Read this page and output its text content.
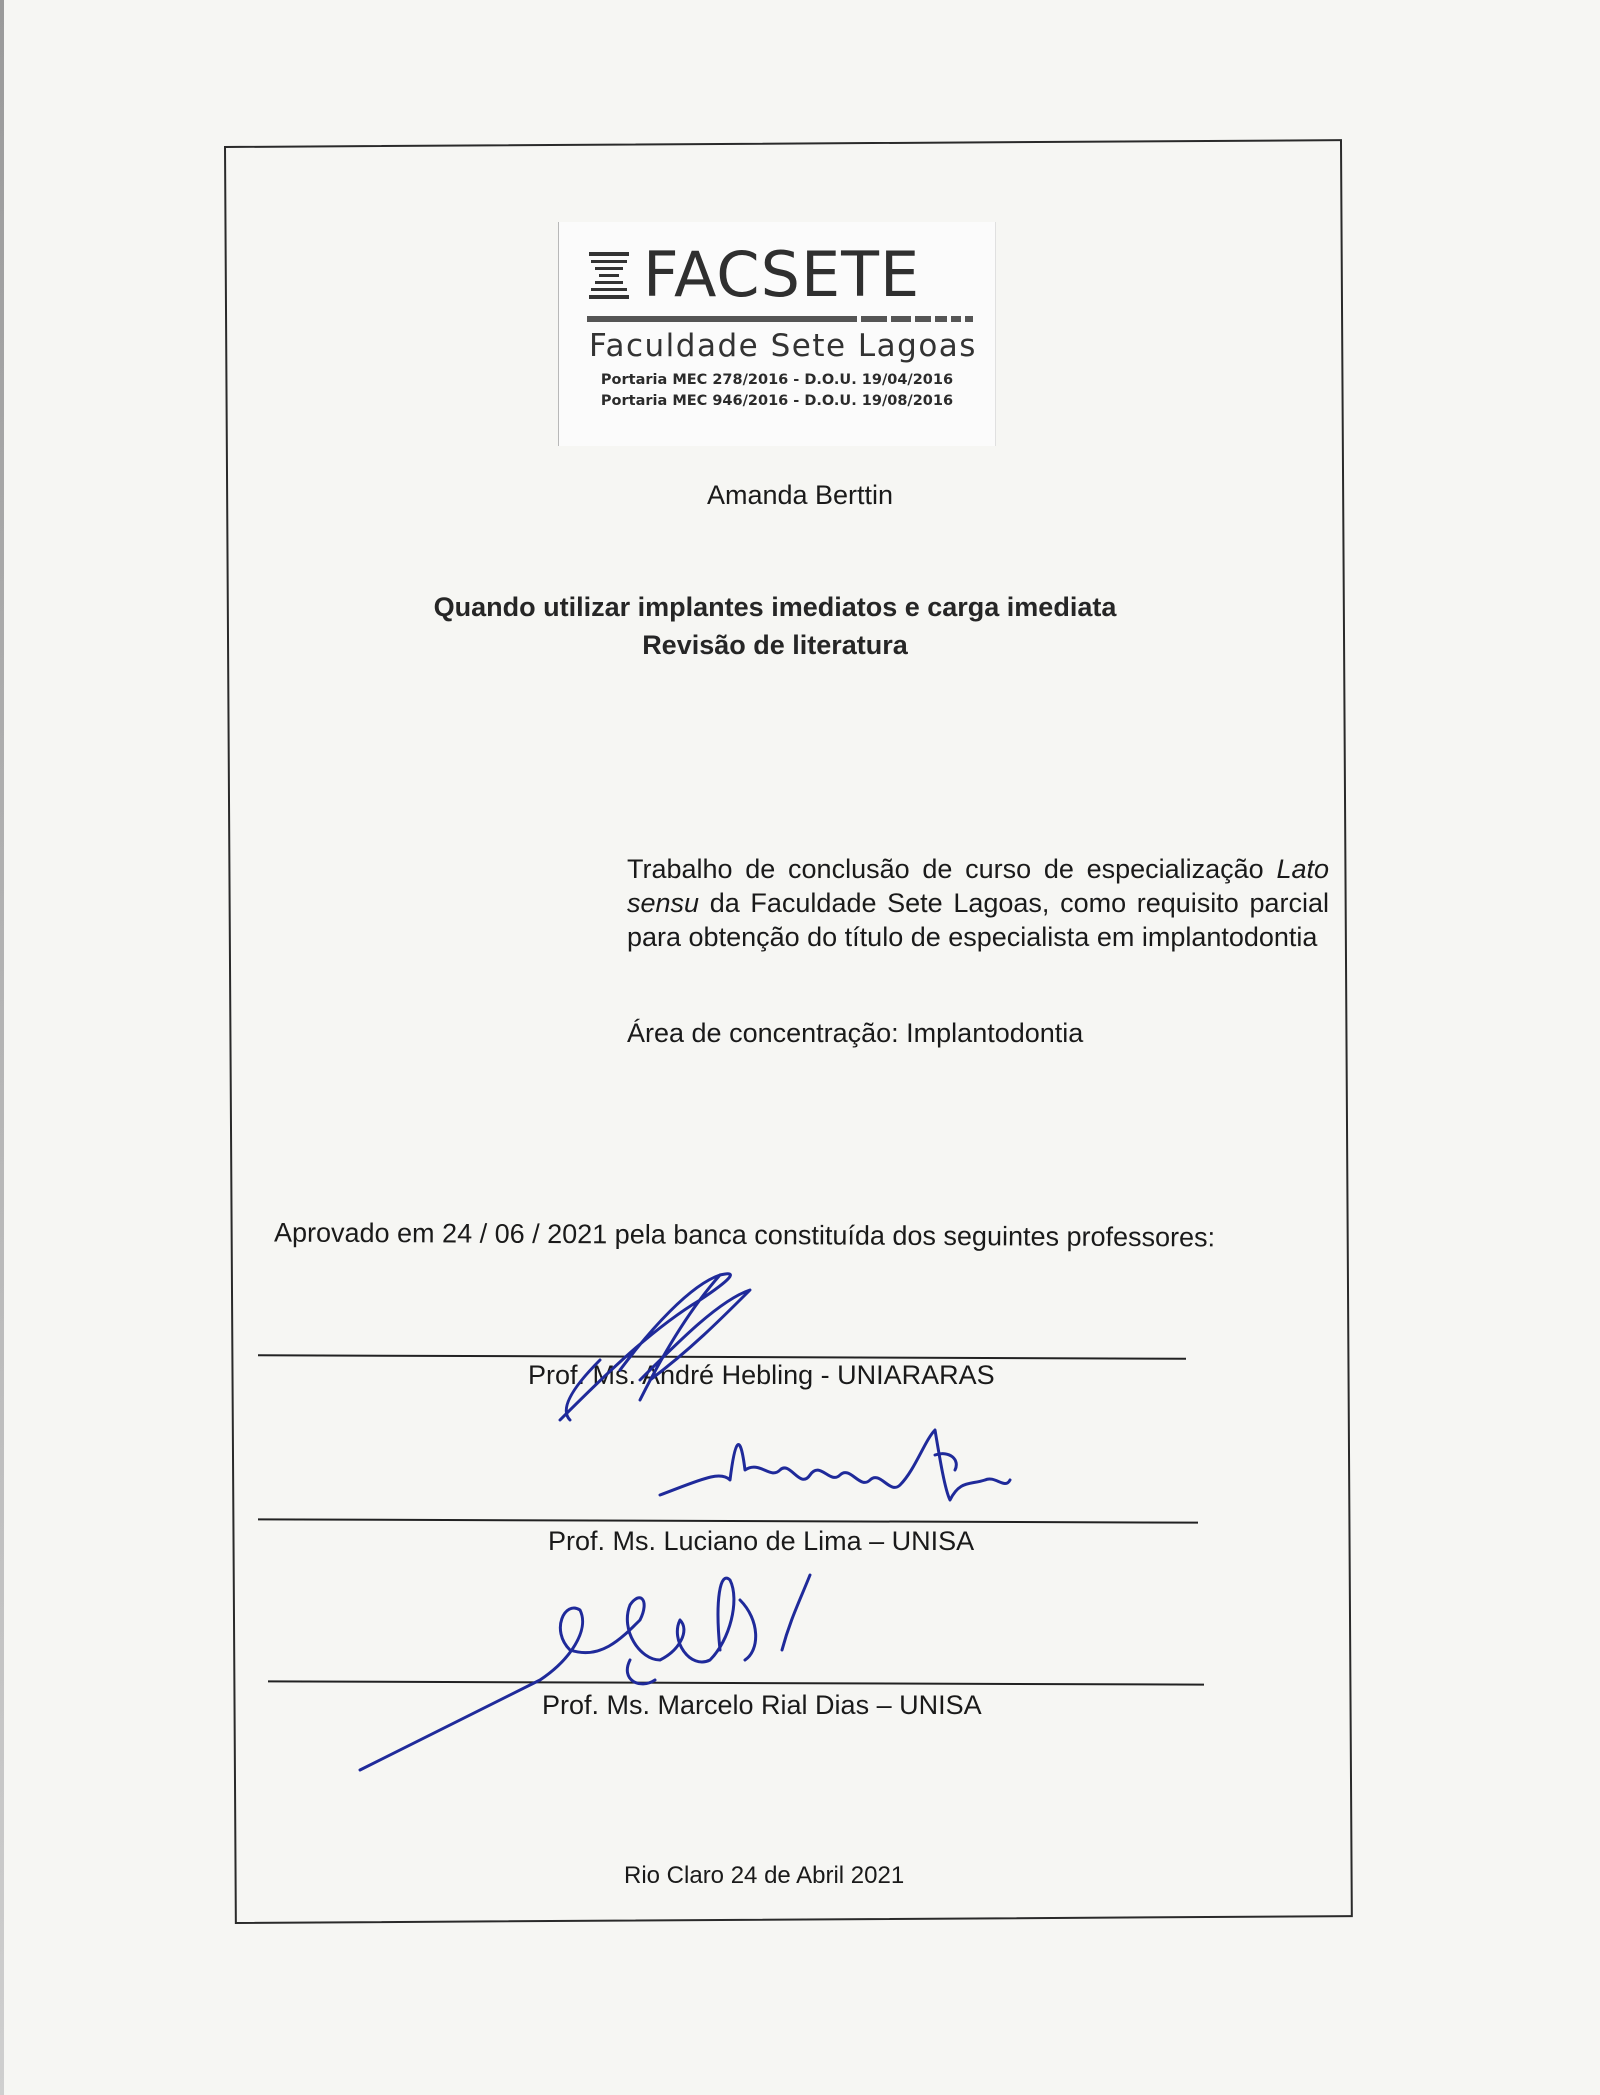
FACSETE
Faculdade Sete Lagoas
Portaria MEC 278/2016 - D.O.U. 19/04/2016
Portaria MEC 946/2016 - D.O.U. 19/08/2016
Amanda Berttin
Quando utilizar implantes imediatos e carga imediata
Revisão de literatura
Trabalho de conclusão de curso de especialização Lato sensu da Faculdade Sete Lagoas, como requisito parcial para obtenção do título de especialista em implantodontia
Área de concentração: Implantodontia
Aprovado em 24 / 06 / 2021 pela banca constituída dos seguintes professores:
Prof. Ms. André Hebling - UNIARARAS
Prof. Ms. Luciano de Lima – UNISA
Prof. Ms. Marcelo Rial Dias – UNISA
Rio Claro 24 de Abril 2021
